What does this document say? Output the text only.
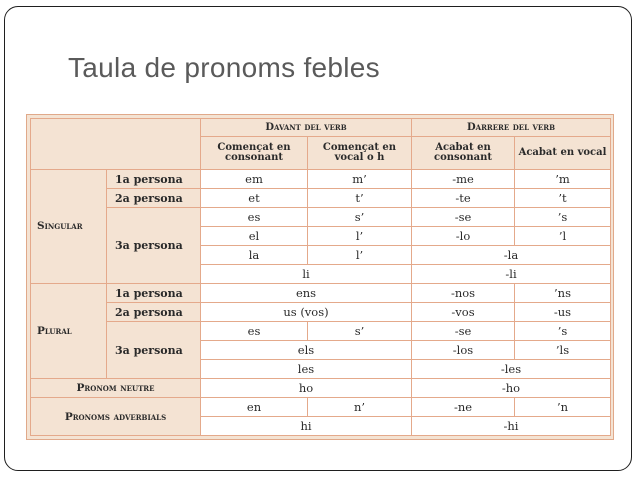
Taula de pronoms febles
		Davant del verb		Darrere del verb	
		Començat en consonant	Començat en vocal o h	Acabat en consonant	Acabat en vocal
Singular	1a persona	em	m’	-me	’m
	2a persona	et	t’	-te	’t
	3a persona	es	s’	-se	’s
		el	l’	-lo	’l
		la	l’	-la	
		li		-li	
Plural	1a persona	ens		-nos	’ns
	2a persona	us (vos)		-vos	-us
	3a persona	es	s’	-se	’s
		els		-los	’ls
		les		-les	
Pronom neutre		ho		-ho	
Pronoms adverbials		en	n’	-ne	’n
		hi		-hi	
